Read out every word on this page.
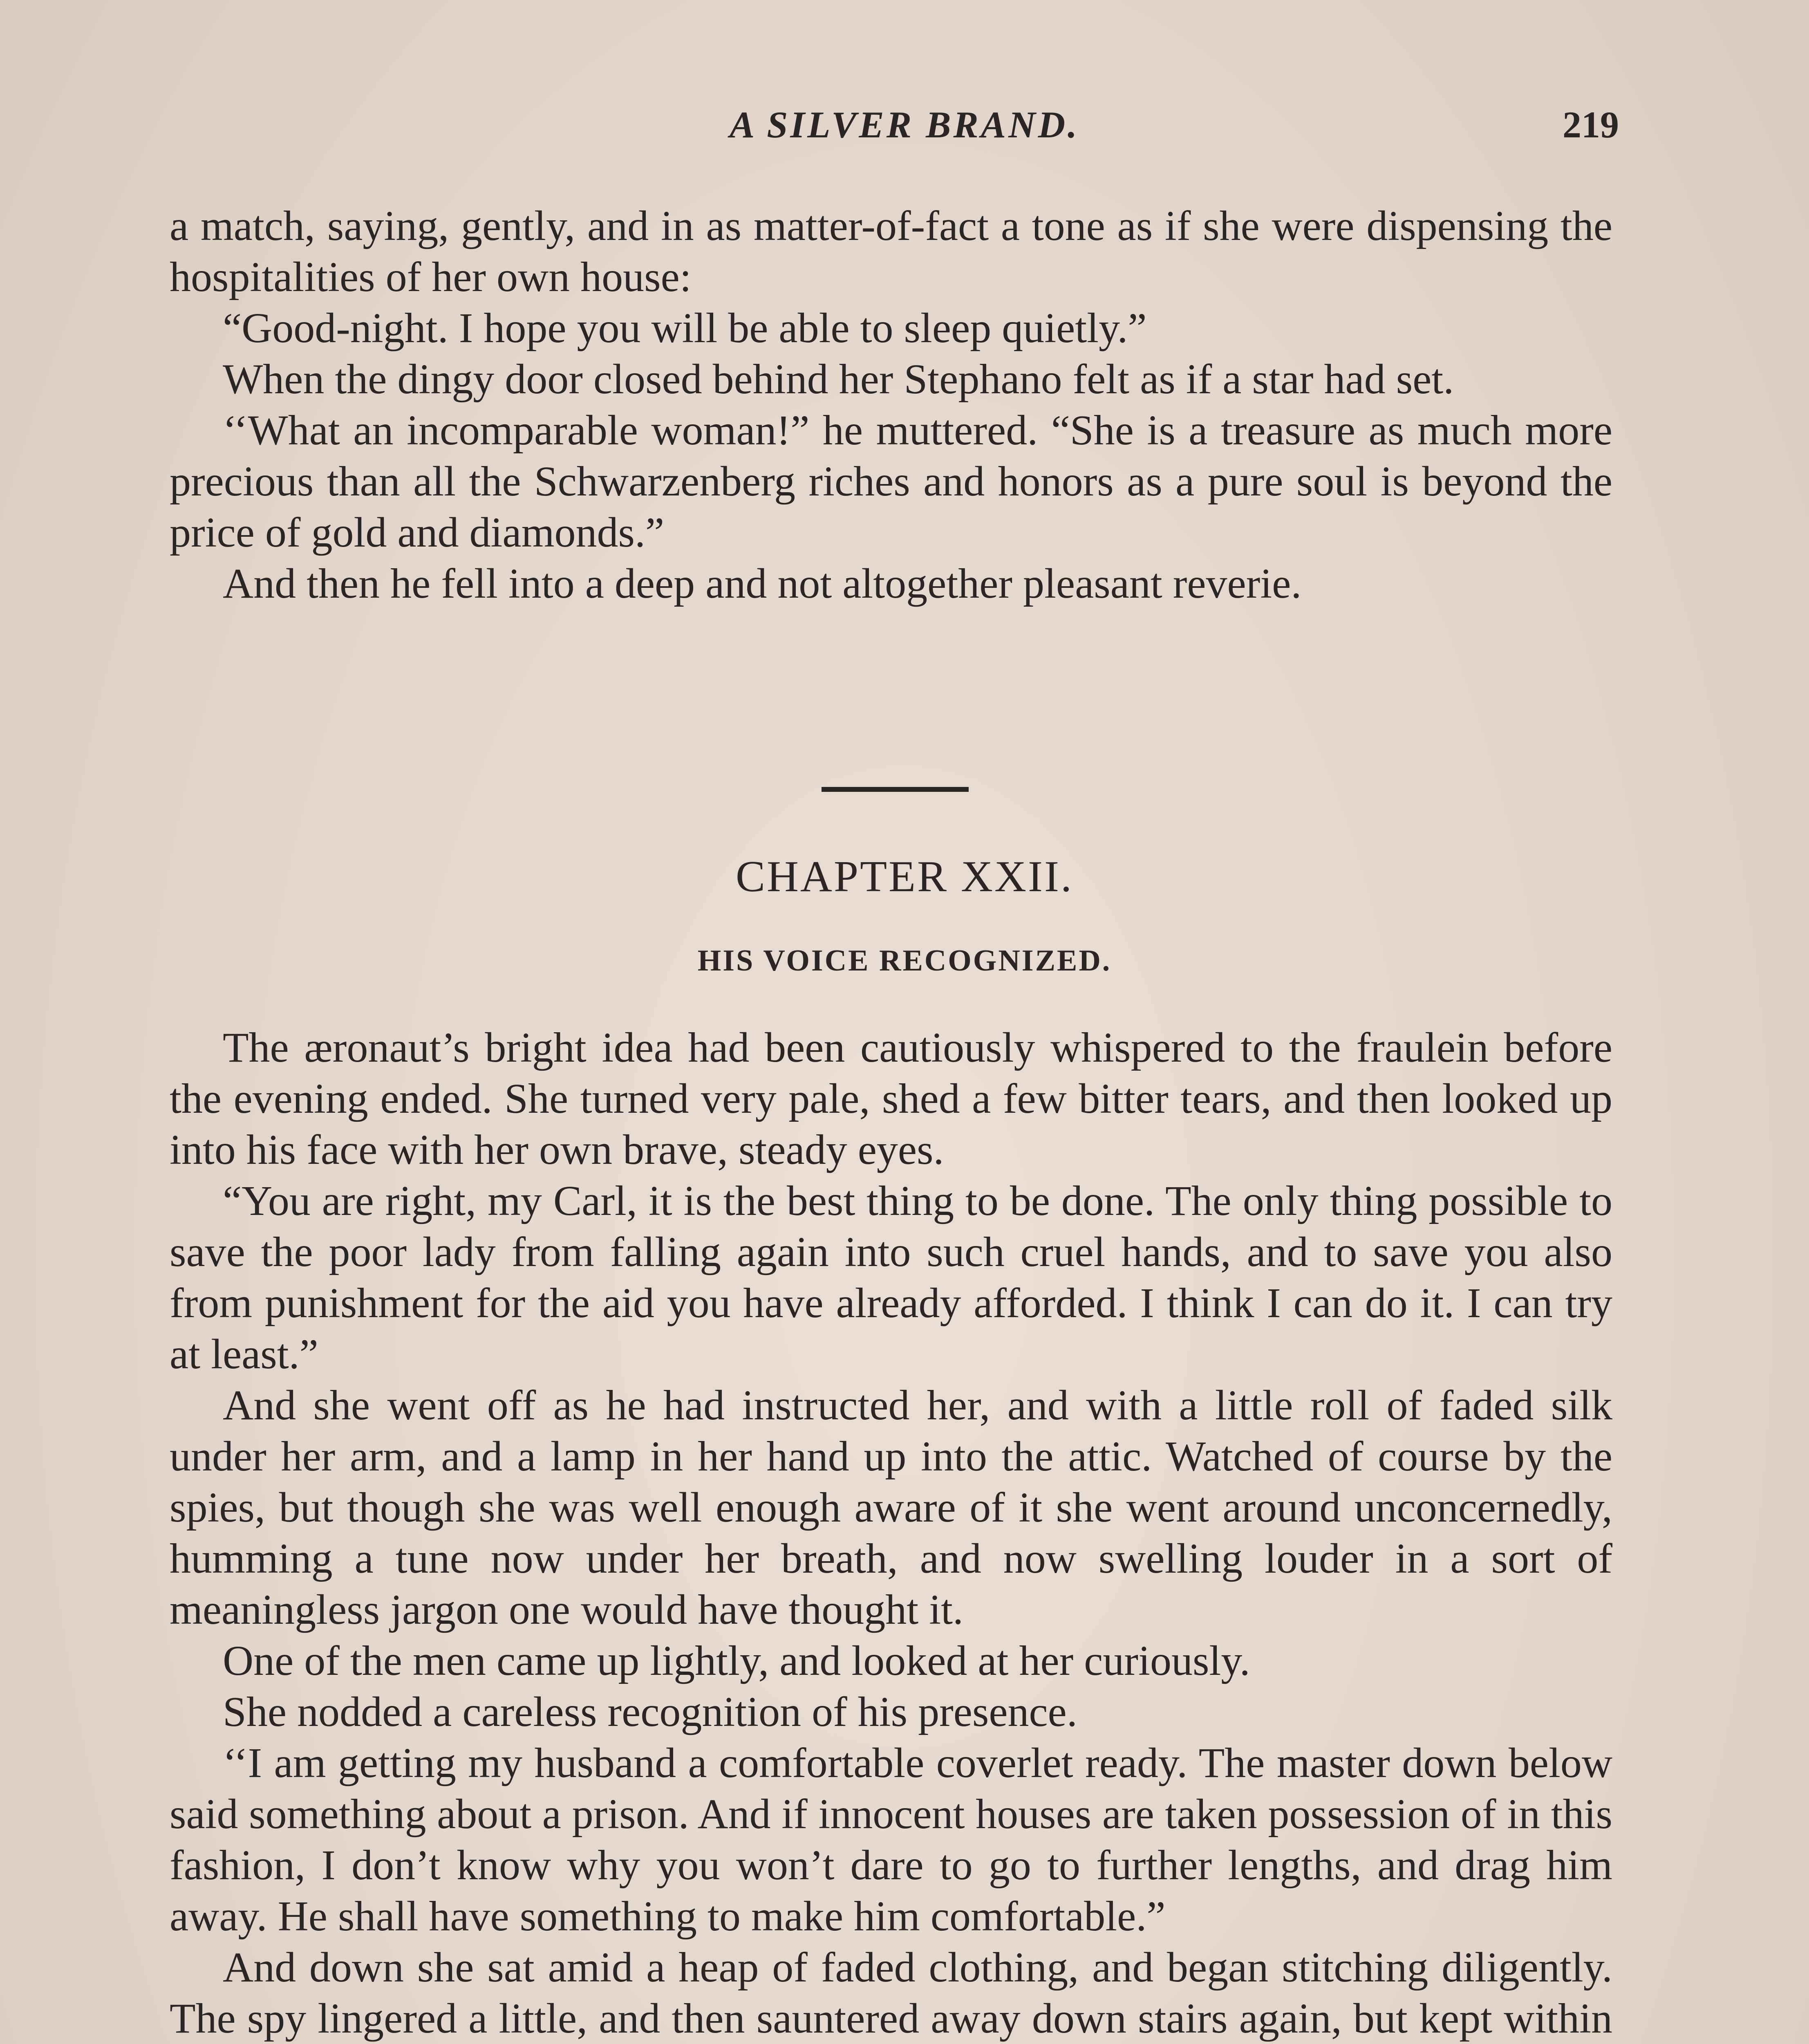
A SILVER BRAND.	219

a match, saying, gently, and in as matter-of-fact a tone as if she were dispensing the hospitalities of her own house:

“Good-night. I hope you will be able to sleep quietly.”

When the dingy door closed behind her Stephano felt as if a star had set.

‘‘What an incomparable woman!” he muttered. “She is a treasure as much more precious than all the Schwarzenberg riches and honors as a pure soul is beyond the price of gold and diamonds.”

And then he fell into a deep and not altogether pleasant reverie.

CHAPTER XXII.
HIS VOICE RECOGNIZED.

The æronaut’s bright idea had been cautiously whispered to the fraulein before the evening ended. She turned very pale, shed a few bitter tears, and then looked up into his face with her own brave, steady eyes.

“You are right, my Carl, it is the best thing to be done. The only thing possible to save the poor lady from falling again into such cruel hands, and to save you also from punishment for the aid you have already afforded. I think I can do it. I can try at least.”

And she went off as he had instructed her, and with a little roll of faded silk under her arm, and a lamp in her hand up into the attic. Watched of course by the spies, but though she was well enough aware of it she went around unconcernedly, humming a tune now under her breath, and now swelling louder in a sort of meaningless jargon one would have thought it.

One of the men came up lightly, and looked at her curiously.

She nodded a careless recognition of his presence.

‘‘I am getting my husband a comfortable coverlet ready. The master down below said something about a prison. And if innocent houses are taken possession of in this fashion, I don’t know why you won’t dare to go to further lengths, and drag him away. He shall have something to make him comfortable.”

And down she sat amid a heap of faded clothing, and began stitching diligently. The spy lingered a little, and then sauntered away down stairs again, but kept within
